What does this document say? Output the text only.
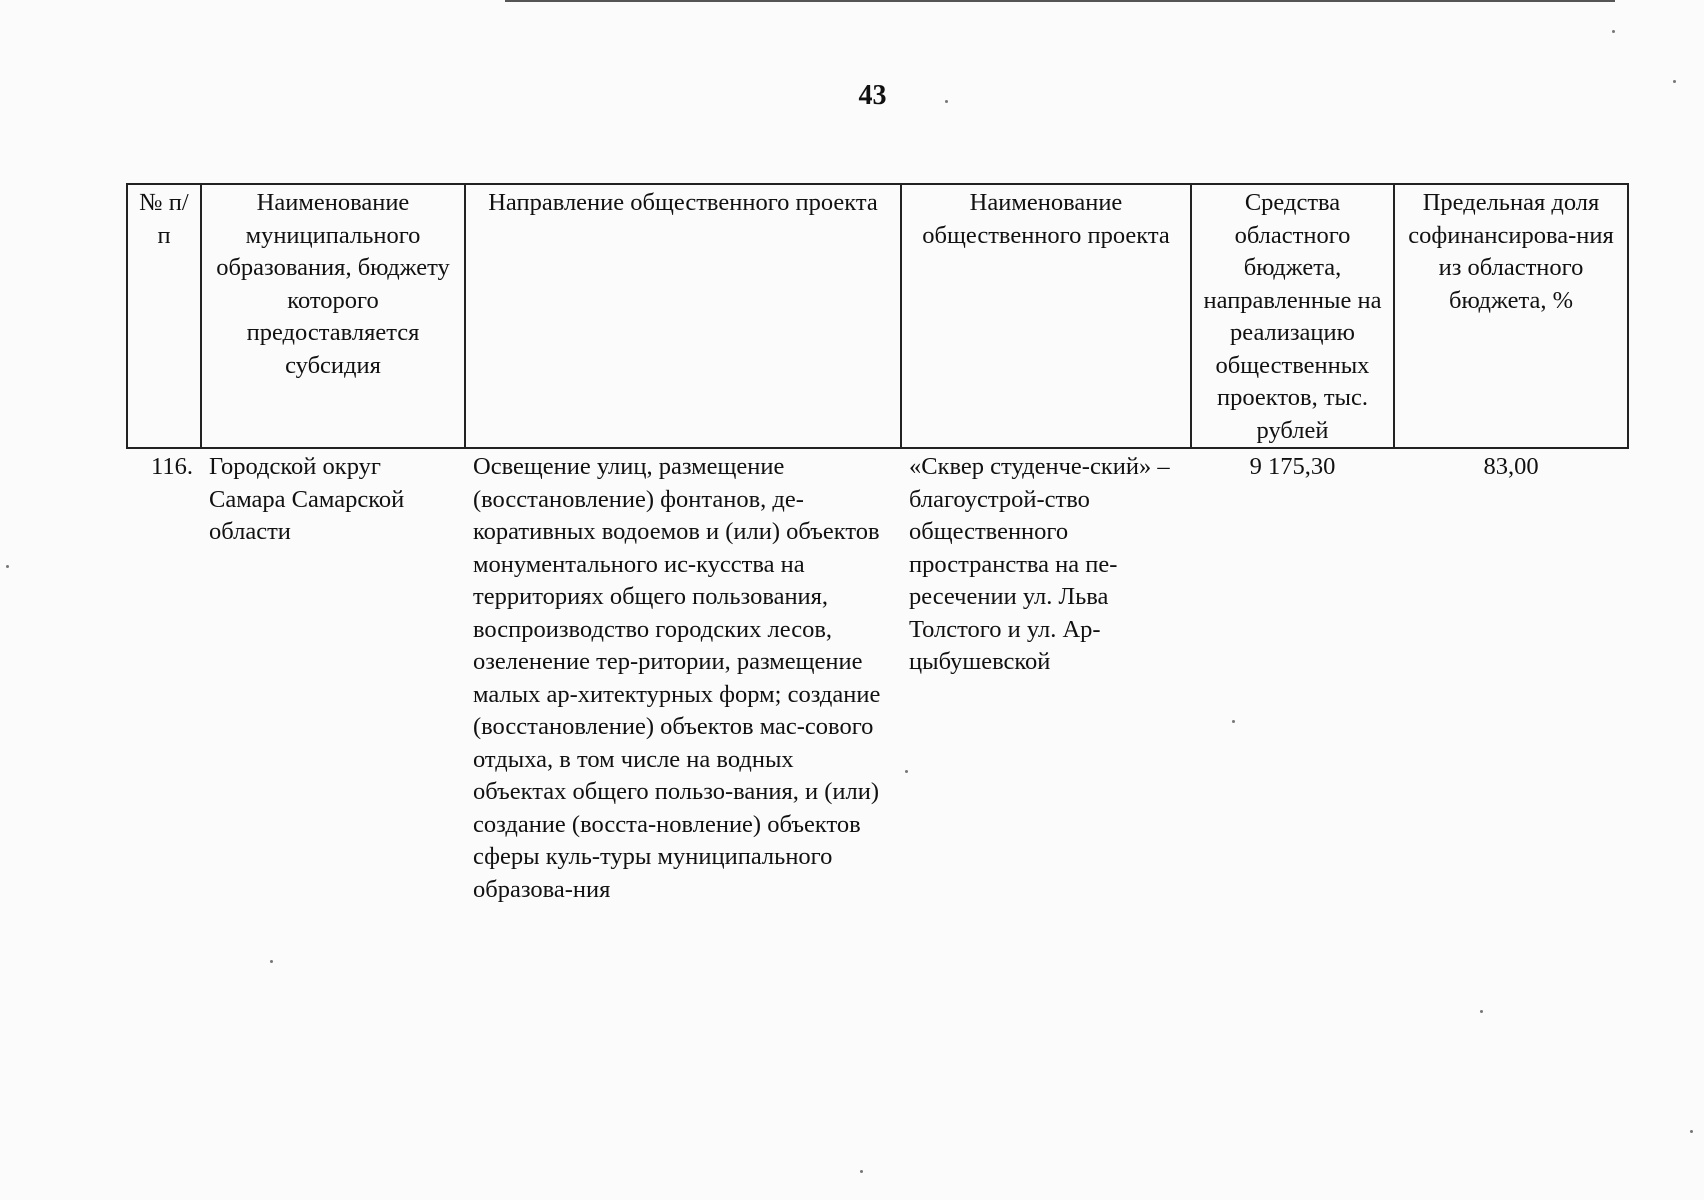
43
№ п/п	Наименование муниципального образования, бюджету которого предоставляется субсидия	Направление общественного проекта	Наименование общественного проекта	Средства областного бюджета, направленные на реализацию общественных проектов, тыс. рублей	Предельная доля софинансирова-ния из областного бюджета, %
116.	Городской округ Самара Самарской области	Освещение улиц, размещение (восстановление) фонтанов, де-коративных водоемов и (или) объектов монументального ис-кусства на территориях общего пользования, воспроизводство городских лесов, озеленение тер-ритории, размещение малых ар-хитектурных форм; создание (восстановление) объектов мас-сового отдыха, в том числе на водных объектах общего пользо-вания, и (или) создание (восста-новление) объектов сферы куль-туры муниципального образова-ния	«Сквер студенче-ский» – благоустрой-ство общественного пространства на пе-ресечении ул. Льва Толстого и ул. Ар-цыбушевской	9 175,30	83,00
